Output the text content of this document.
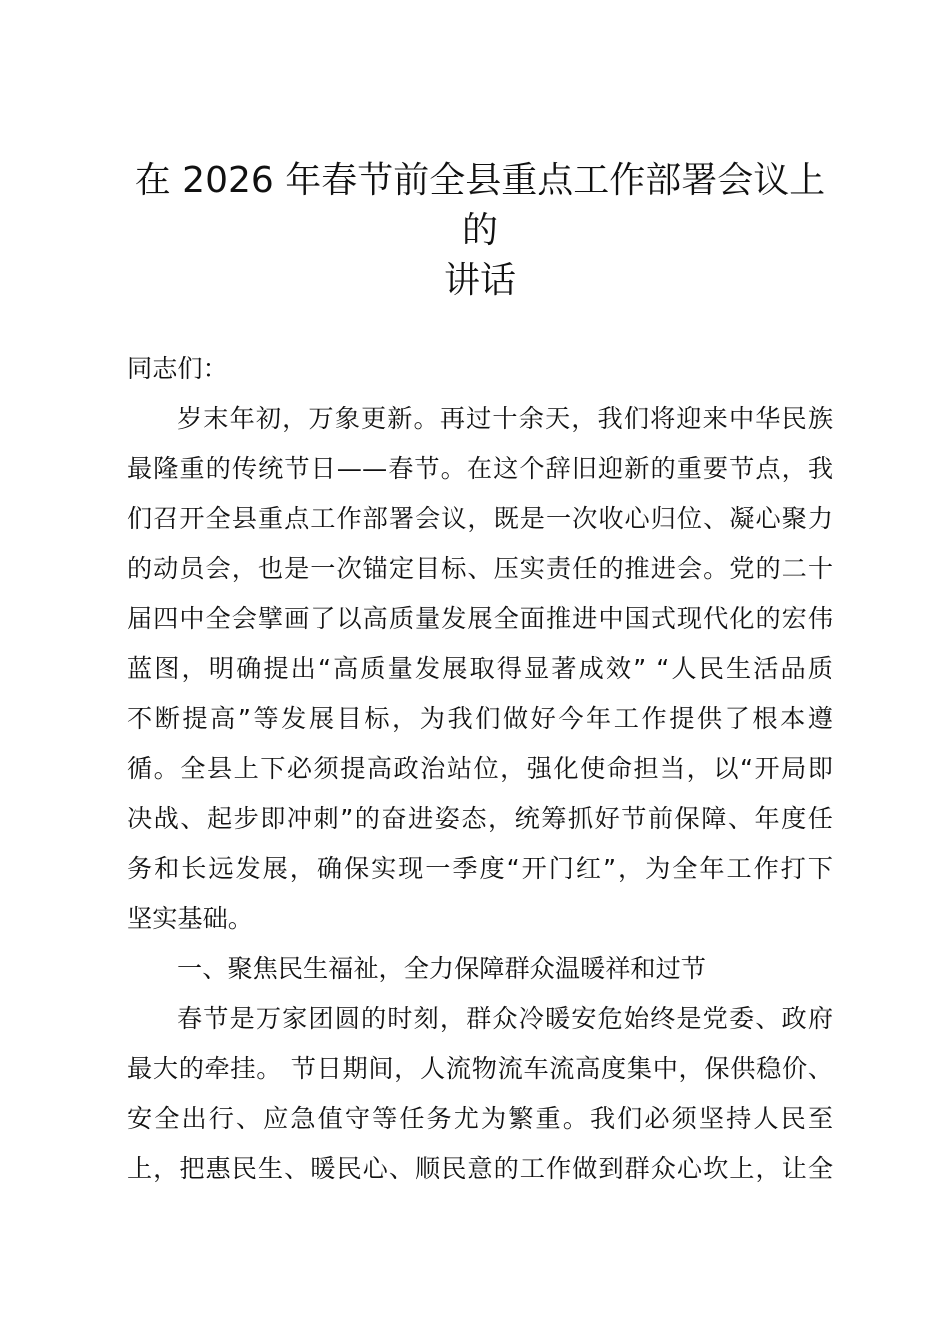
在 2026 年春节前全县重点工作部署会议上的
讲话
同志们：
岁末年初，万象更新。再过十余天，我们将迎来中华民族
最隆重的传统节日——春节。在这个辞旧迎新的重要节点，我
们召开全县重点工作部署会议，既是一次收心归位、凝心聚力
的动员会，也是一次锚定目标、压实责任的推进会。党的二十
届四中全会擘画了以高质量发展全面推进中国式现代化的宏伟
蓝图，明确提出“高质量发展取得显著成效” “人民生活品质
不断提高”等发展目标，为我们做好今年工作提供了根本遵
循。全县上下必须提高政治站位，强化使命担当，以“开局即
决战、起步即冲刺”的奋进姿态，统筹抓好节前保障、年度任
务和长远发展，确保实现一季度“开门红”，为全年工作打下
坚实基础。
一、聚焦民生福祉，全力保障群众温暖祥和过节
春节是万家团圆的时刻，群众冷暖安危始终是党委、政府
最大的牵挂。 节日期间，人流物流车流高度集中，保供稳价、
安全出行、应急值守等任务尤为繁重。我们必须坚持人民至
上，把惠民生、暖民心、顺民意的工作做到群众心坎上，让全
